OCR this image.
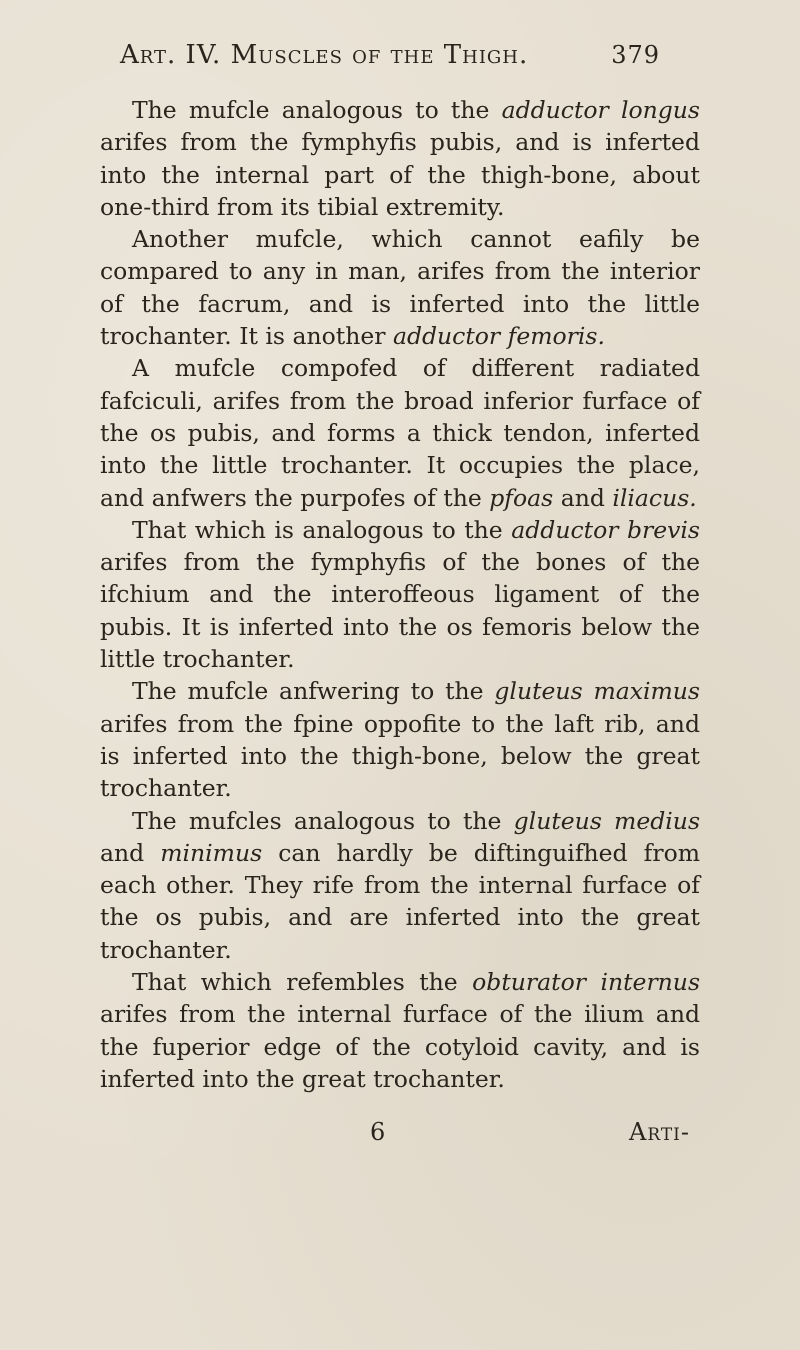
Art. IV. Muscles of the Thigh.	379

The mufcle analogous to the adductor longus arifes from the fymphyfis pubis, and is inferted into the internal part of the thigh-bone, about one-third from its tibial extremity.

Another mufcle, which cannot eafily be compared to any in man, arifes from the interior of the facrum, and is inferted into the little trochanter. It is another adductor femoris.

A mufcle compofed of different radiated fafciculi, arifes from the broad inferior furface of the os pubis, and forms a thick tendon, inferted into the little trochanter. It occupies the place, and anfwers the purpofes of the pfoas and iliacus.

That which is analogous to the adductor brevis arifes from the fymphyfis of the bones of the ifchium and the interoffeous ligament of the pubis. It is inferted into the os femoris below the little trochanter.

The mufcle anfwering to the gluteus maximus arifes from the fpine oppofite to the laft rib, and is inferted into the thigh-bone, below the great trochanter.

The mufcles analogous to the gluteus medius and minimus can hardly be diftinguifhed from each other. They rife from the internal furface of the os pubis, and are inferted into the great trochanter.

That which refembles the obturator internus arifes from the internal furface of the ilium and the fuperior edge of the cotyloid cavity, and is inferted into the great trochanter.

6	Arti-
